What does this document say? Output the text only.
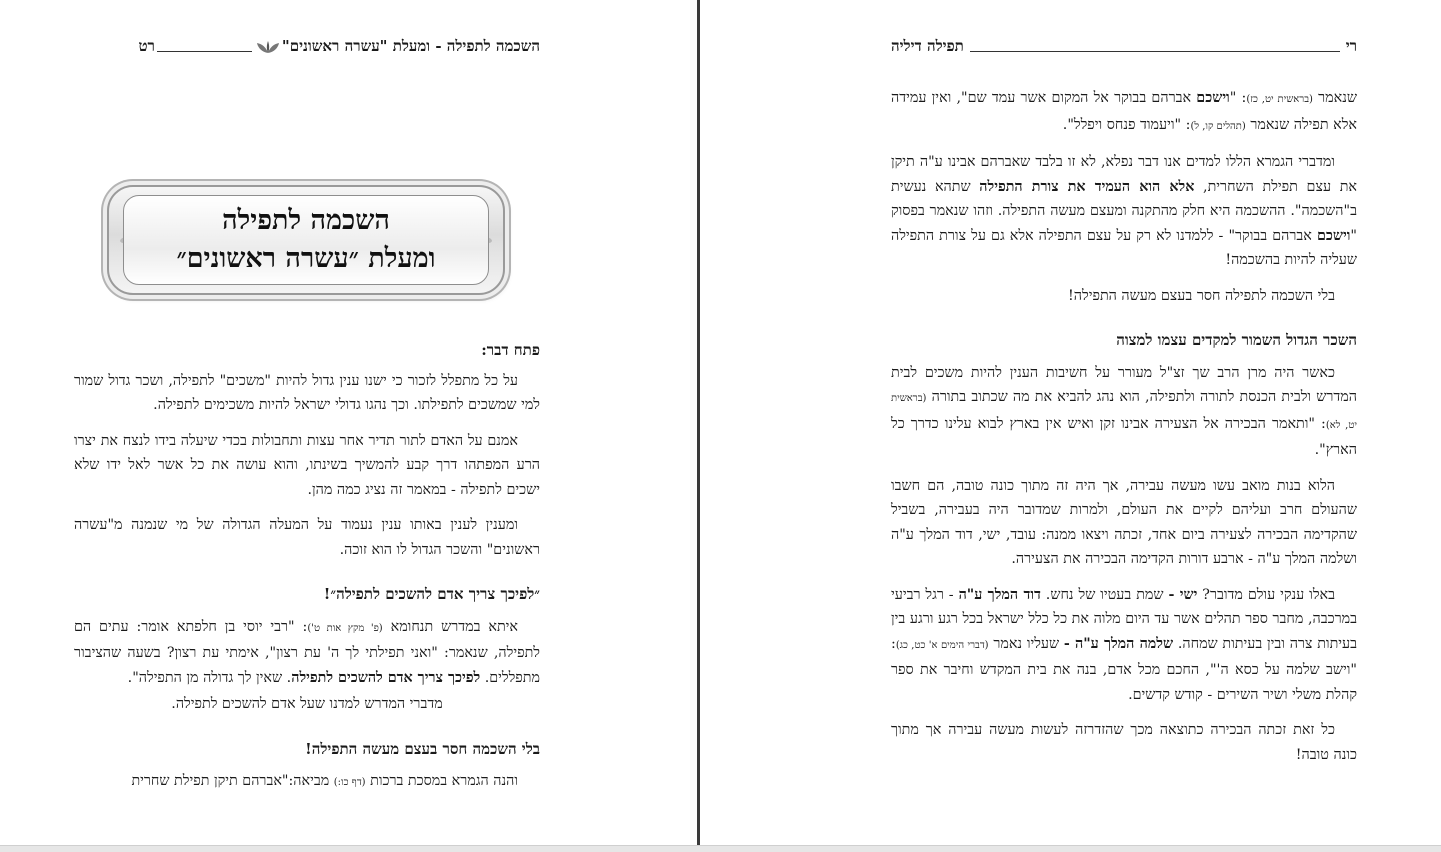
השכמה לתפילה - ומעלת "עשרה ראשונים"
רט
השכמה לתפילה
ומעלת ״עשרה ראשונים״

פתח דבר:

על כל מתפלל לזכור כי ישנו ענין גדול להיות "משכים" לתפילה, ושכר גדול שמור למי שמשכים לתפילתו. וכך נהגו גדולי ישראל להיות משכימים לתפילה.

אמנם על האדם לתור תדיר אחר עצות ותחבולות בכדי שיעלה בידו לנצח את יצרו הרע המפתהו דרך קבע להמשיך בשינתו, והוא עושה את כל אשר לאל ידו שלא ישכים לתפילה - במאמר זה נציג כמה מהן.

ומענין לענין באותו ענין נעמוד על המעלה הגדולה של מי שנמנה מ"עשרה ראשונים" והשכר הגדול לו הוא זוכה.

״לפיכך צריך אדם להשכים לתפילה״!

איתא במדרש תנחומא (פ' מקץ אות ט'): "רבי יוסי בן חלפתא אומר: עתים הם לתפילה, שנאמר: "ואני תפילתי לך ה' עת רצון", אימתי עת רצון? בשעה שהציבור מתפללים. לפיכך צריך אדם להשכים לתפילה. שאין לך גדולה מן התפילה".

מדברי המדרש למדנו שעל אדם להשכים לתפילה.

בלי השכמה חסר בעצם מעשה התפילה!

והנה הגמרא במסכת ברכות (דף כו:) מביאה:"אברהם תיקן תפילת שחרית

רי
תפילה דיליה

שנאמר (בראשית יט, כז): "וישכם אברהם בבוקר אל המקום אשר עמד שם", ואין עמידה אלא תפילה שנאמר (תהלים קו, ל): "ויעמוד פנחס ויפלל".

ומדברי הגמרא הללו למדים אנו דבר נפלא, לא זו בלבד שאברהם אבינו ע"ה תיקן את עצם תפילת השחרית, אלא הוא העמיד את צורת התפילה שתהא נעשית ב"השכמה". ההשכמה היא חלק מהתקנה ומעצם מעשה התפילה. וזהו שנאמר בפסוק "וישכם אברהם בבוקר" - ללמדנו לא רק על עצם התפילה אלא גם על צורת התפילה שעליה להיות בהשכמה!

בלי השכמה לתפילה חסר בעצם מעשה התפילה!

השכר הגדול השמור למקדים עצמו למצוה

כאשר היה מרן הרב שך זצ"ל מעורר על חשיבות הענין להיות משכים לבית המדרש ולבית הכנסת לתורה ולתפילה, הוא נהג להביא את מה שכתוב בתורה (בראשית יט, לא): "ותאמר הבכירה אל הצעירה אבינו זקן ואיש אין בארץ לבוא עלינו כדרך כל הארץ".

הלוא בנות מואב עשו מעשה עבירה, אך היה זה מתוך כונה טובה, הם חשבו שהעולם חרב ועליהם לקיים את העולם, ולמרות שמדובר היה בעבירה, בשביל שהקדימה הבכירה לצעירה ביום אחד, זכתה ויצאו ממנה: עובד, ישי, דוד המלך ע"ה ושלמה המלך ע"ה - ארבע דורות הקדימה הבכירה את הצעירה.

באלו ענקי עולם מדובר? ישי - שמת בעטיו של נחש. דוד המלך ע"ה - רגל רביעי במרכבה, מחבר ספר תהלים אשר עד היום מלוה את כל כלל ישראל בכל רגע ורגע בין בעיתות צרה ובין בעיתות שמחה. שלמה המלך ע"ה - שעליו נאמר (דברי הימים א' כט, כג): "וישב שלמה על כסא ה'", החכם מכל אדם, בנה את בית המקדש וחיבר את ספר קהלת משלי ושיר השירים - קודש קדשים.

כל זאת זכתה הבכירה כתוצאה מכך שהזדרזה לעשות מעשה עבירה אך מתוך כונה טובה!
